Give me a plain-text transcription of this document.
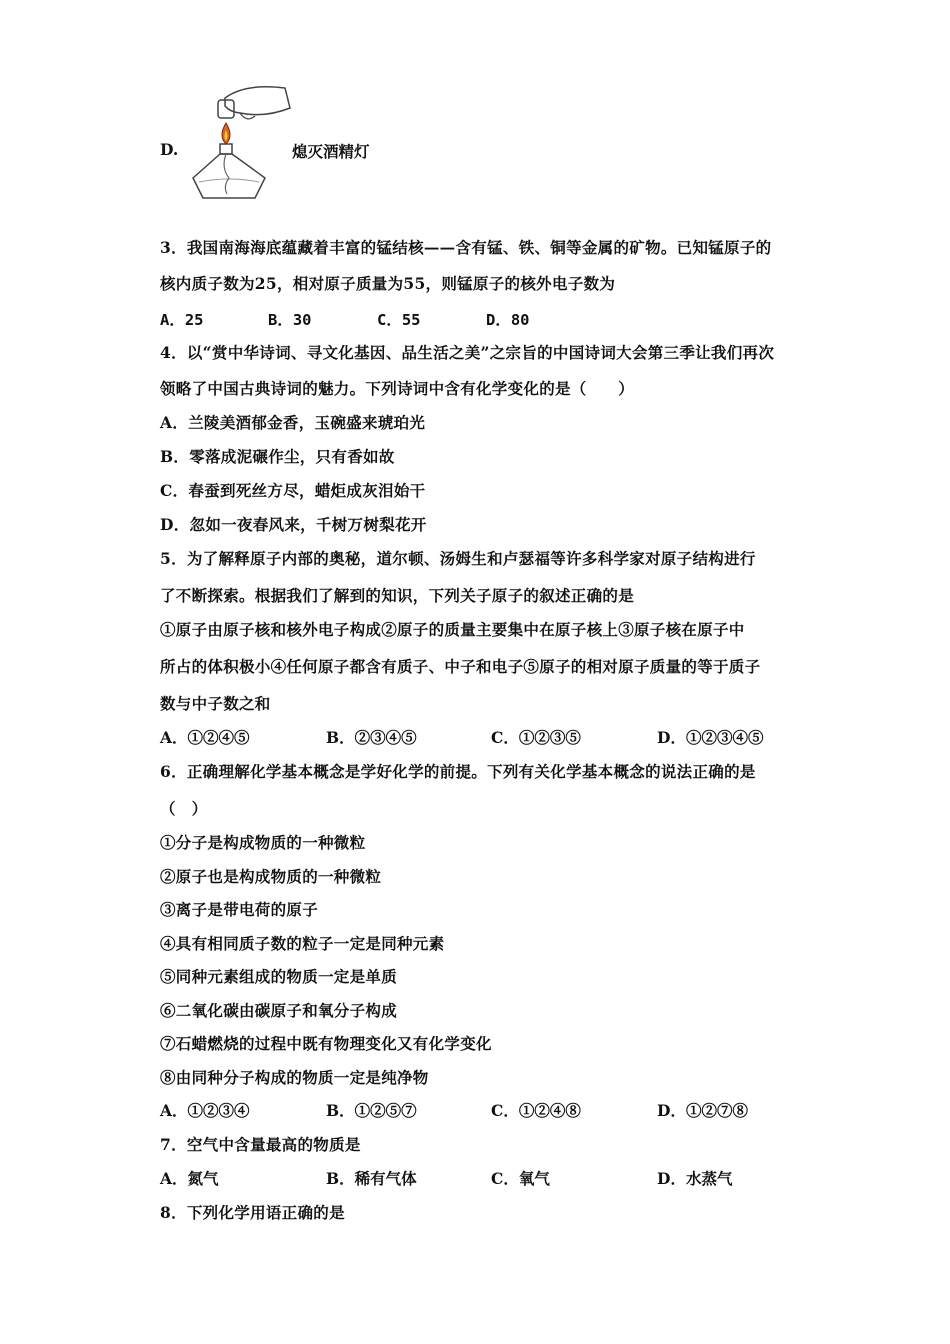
D.	熄灭酒精灯
3．我国南海海底蕴藏着丰富的锰结核——含有锰、铁、铜等金属的矿物。已知锰原子的
核内质子数为25，相对原子质量为55，则锰原子的核外电子数为
A．25	B．30	C．55	D．80
4．以“赏中华诗词、寻文化基因、品生活之美”之宗旨的中国诗词大会第三季让我们再次
领略了中国古典诗词的魅力。下列诗词中含有化学变化的是（　　）
A．兰陵美酒郁金香，玉碗盛来琥珀光
B．零落成泥碾作尘，只有香如故
C．春蚕到死丝方尽，蜡炬成灰泪始干
D．忽如一夜春风来，千树万树梨花开
5．为了解释原子内部的奥秘，道尔顿、汤姆生和卢瑟福等许多科学家对原子结构进行
了不断探索。根据我们了解到的知识，下列关子原子的叙述正确的是
①原子由原子核和核外电子构成②原子的质量主要集中在原子核上③原子核在原子中
所占的体积极小④任何原子都含有质子、中子和电子⑤原子的相对原子质量的等于质子
数与中子数之和
A．①②④⑤	B．②③④⑤	C．①②③⑤	D．①②③④⑤
6．正确理解化学基本概念是学好化学的前提。下列有关化学基本概念的说法正确的是
（　）
①分子是构成物质的一种微粒
②原子也是构成物质的一种微粒
③离子是带电荷的原子
④具有相同质子数的粒子一定是同种元素
⑤同种元素组成的物质一定是单质
⑥二氧化碳由碳原子和氧分子构成
⑦石蜡燃烧的过程中既有物理变化又有化学变化
⑧由同种分子构成的物质一定是纯净物
A．①②③④	B．①②⑤⑦	C．①②④⑧	D．①②⑦⑧
7．空气中含量最高的物质是
A．氮气	B．稀有气体	C．氧气	D．水蒸气
8．下列化学用语正确的是
